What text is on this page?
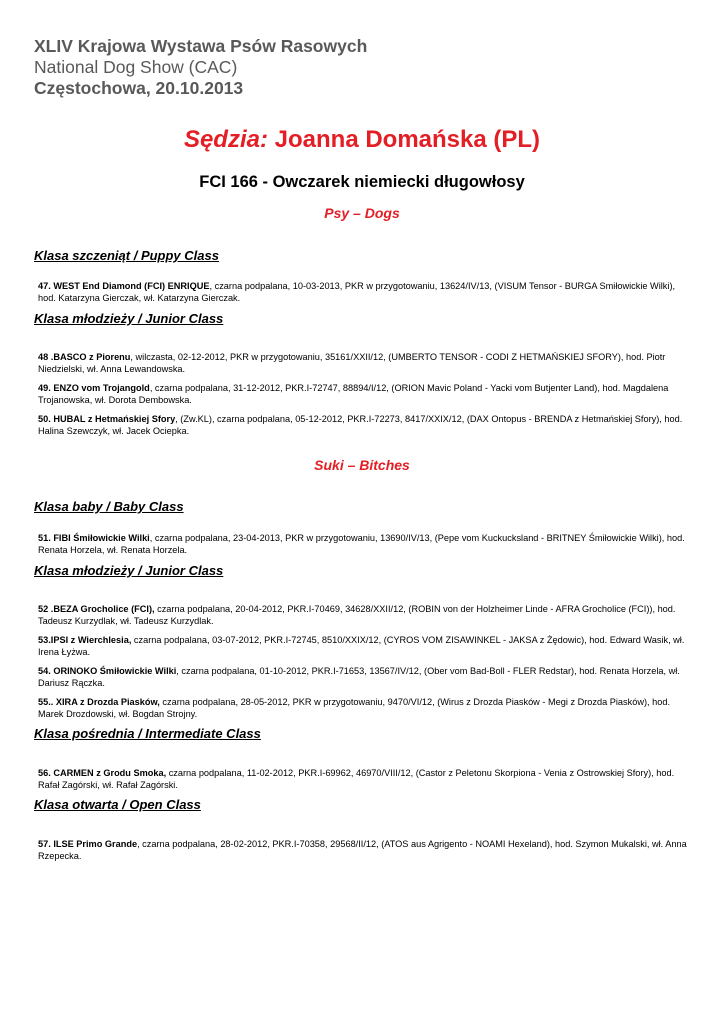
XLIV Krajowa Wystawa Psów Rasowych
National Dog Show (CAC)
Częstochowa, 20.10.2013
Sędzia: Joanna Domańska (PL)
FCI 166 - Owczarek niemiecki długowłosy
Psy – Dogs
Klasa szczeniąt / Puppy Class
47. WEST End Diamond (FCI) ENRIQUE, czarna podpalana, 10-03-2013, PKR w przygotowaniu, 13624/IV/13, (VISUM Tensor - BURGA Smiłowickie Wilki), hod. Katarzyna Gierczak, wł. Katarzyna Gierczak.
Klasa młodzieży / Junior Class
48 .BASCO z Piorenu, wilczasta, 02-12-2012, PKR w przygotowaniu, 35161/XXII/12, (UMBERTO TENSOR - CODI Z HETMAŃSKIEJ SFORY), hod. Piotr Niedzielski, wł. Anna Lewandowska.
49. ENZO vom Trojangold, czarna podpalana, 31-12-2012, PKR.I-72747, 88894/I/12, (ORION Mavic Poland - Yacki vom Butjenter Land), hod. Magdalena Trojanowska, wł. Dorota Dembowska.
50. HUBAL z Hetmańskiej Sfory, (Zw.KL), czarna podpalana, 05-12-2012, PKR.I-72273, 8417/XXIX/12, (DAX Ontopus - BRENDA z Hetmańskiej Sfory), hod. Halina Szewczyk, wł. Jacek Ociepka.
Suki – Bitches
Klasa baby / Baby Class
51. FIBI Śmiłowickie Wilki, czarna podpalana, 23-04-2013, PKR w przygotowaniu, 13690/IV/13, (Pepe vom Kuckucksland - BRITNEY Śmiłowickie Wilki), hod. Renata Horzela, wł. Renata Horzela.
Klasa młodzieży / Junior Class
52 .BEZA Grocholice (FCI), czarna podpalana, 20-04-2012, PKR.I-70469, 34628/XXII/12, (ROBIN von der Holzheimer Linde - AFRA Grocholice (FCI)), hod. Tadeusz Kurzydlak, wł. Tadeusz Kurzydlak.
53.IPSI z Wierchlesia, czarna podpalana, 03-07-2012, PKR.I-72745, 8510/XXIX/12, (CYROS VOM ZISAWINKEL - JAKSA z Żędowic), hod. Edward Wasik, wł. Irena Łyżwa.
54. ORINOKO Śmiłowickie Wilki, czarna podpalana, 01-10-2012, PKR.I-71653, 13567/IV/12, (Ober vom Bad-Boll - FLER Redstar), hod. Renata Horzela, wł. Dariusz Rączka.
55.. XIRA z Drozda Piasków, czarna podpalana, 28-05-2012, PKR w przygotowaniu, 9470/VI/12, (Wirus z Drozda Piasków - Megi z Drozda Piasków), hod. Marek Drozdowski, wł. Bogdan Strojny.
Klasa pośrednia / Intermediate Class
56. CARMEN z Grodu Smoka, czarna podpalana, 11-02-2012, PKR.I-69962, 46970/VIII/12, (Castor z Peletonu Skorpiona - Venia z Ostrowskiej Sfory), hod. Rafał Zagórski, wł. Rafał Zagórski.
Klasa otwarta / Open Class
57. ILSE Primo Grande, czarna podpalana, 28-02-2012, PKR.I-70358, 29568/II/12, (ATOS aus Agrigento - NOAMI Hexeland), hod. Szymon Mukalski, wł. Anna Rzepecka.
